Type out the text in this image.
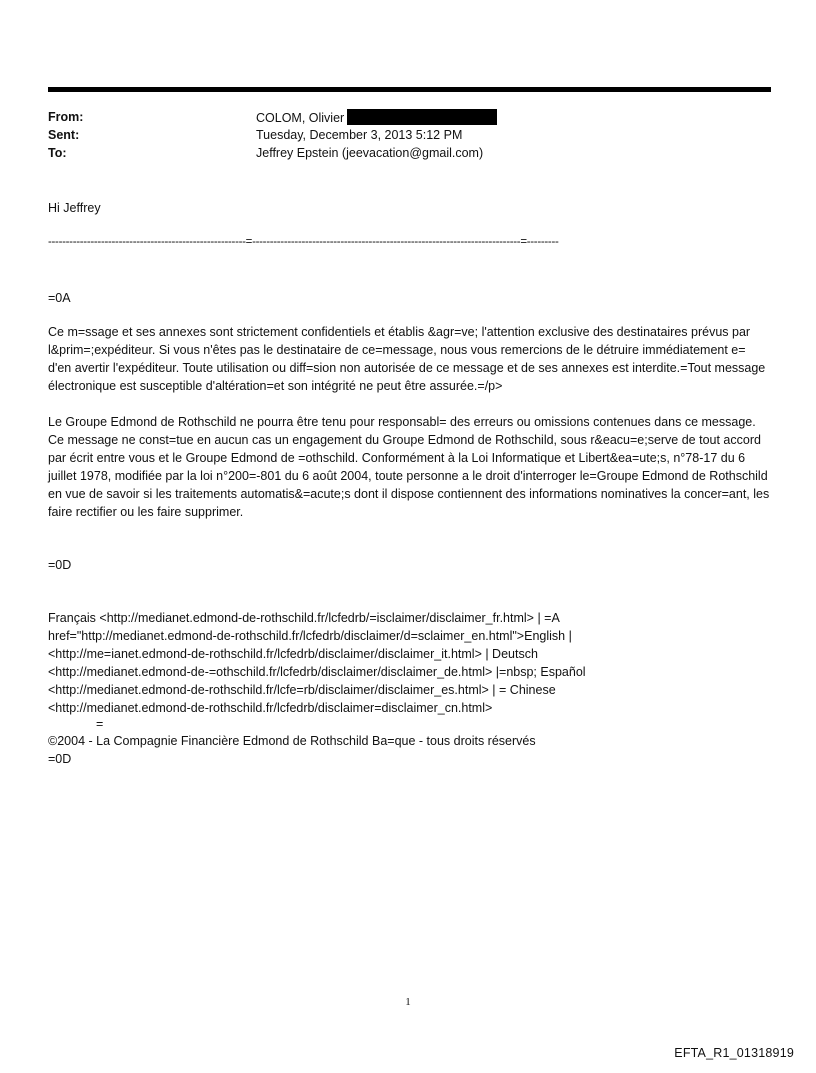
From:	COLOM, Olivier
Sent:	Tuesday, December 3, 2013 5:12 PM
To:	Jeffrey Epstein (jeevacation@gmail.com)
Hi Jeffrey
--------------------------------------------------------=----------------------------------------------------------------------------=---------
=0A
Ce m=ssage et ses annexes sont strictement confidentiels et établis &agr=ve; l'attention exclusive des destinataires prévus par l&prim=;expéditeur. Si vous n'êtes pas le destinataire de ce=message, nous vous remercions de le détruire immédiatement e= d'en avertir l'expéditeur. Toute utilisation ou diff=sion non autorisée de ce message et de ses annexes est interdite.=Tout message électronique est susceptible d'altération=et son intégrité ne peut être assurée.=/p>
Le Groupe Edmond de Rothschild ne pourra être tenu pour responsabl= des erreurs ou omissions contenues dans ce message. Ce message ne const=tue en aucun cas un engagement du Groupe Edmond de Rothschild, sous r&eacu=e;serve de tout accord par écrit entre vous et le Groupe Edmond de =othschild. Conformément à la Loi Informatique et Libert&ea=ute;s, n°78-17 du 6 juillet 1978, modifiée par la loi n°200=-801 du 6 août 2004, toute personne a le droit d'interroger le=Groupe Edmond de Rothschild en vue de savoir si les traitements automatis&=acute;s dont il dispose contiennent des informations nominatives la concer=ant, les faire rectifier ou les faire supprimer.
=0D
Français <http://medianet.edmond-de-rothschild.fr/lcfedrb/=isclaimer/disclaimer_fr.html> | =A
href="http://medianet.edmond-de-rothschild.fr/lcfedrb/disclaimer/d=sclaimer_en.html">English |
<http://me=ianet.edmond-de-rothschild.fr/lcfedrb/disclaimer/disclaimer_it.html> | Deutsch
<http://medianet.edmond-de-=othschild.fr/lcfedrb/disclaimer/disclaimer_de.html> |=nbsp; Español
<http://medianet.edmond-de-rothschild.fr/lcfe=rb/disclaimer/disclaimer_es.html> | = Chinese
<http://medianet.edmond-de-rothschild.fr/lcfedrb/disclaimer=disclaimer_cn.html>
=
©2004 - La Compagnie Financière Edmond de Rothschild Ba=que - tous droits réservés
=0D
1
EFTA_R1_01318919
